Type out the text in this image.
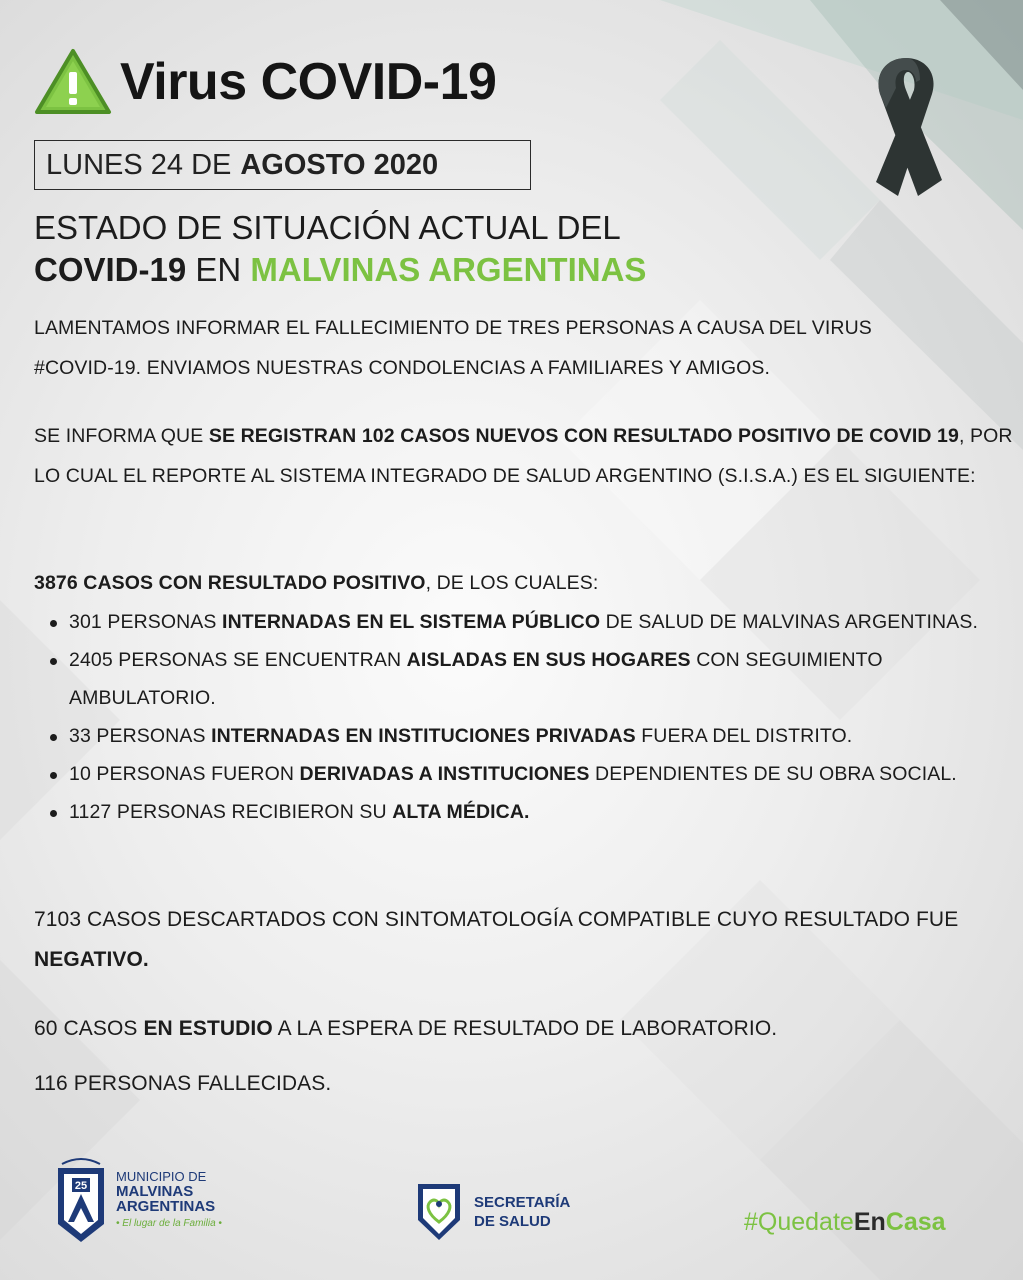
Virus COVID-19
LUNES 24 DE AGOSTO 2020
ESTADO DE SITUACIÓN ACTUAL DEL
COVID-19 EN MALVINAS ARGENTINAS
LAMENTAMOS INFORMAR EL FALLECIMIENTO DE TRES PERSONAS A CAUSA DEL VIRUS
#COVID-19. ENVIAMOS NUESTRAS CONDOLENCIAS A FAMILIARES Y AMIGOS.
SE INFORMA QUE SE REGISTRAN 102 CASOS NUEVOS CON RESULTADO POSITIVO DE COVID 19, POR LO CUAL EL REPORTE AL SISTEMA INTEGRADO DE SALUD ARGENTINO (S.I.S.A.) ES EL SIGUIENTE:
3876 CASOS CON RESULTADO POSITIVO, DE LOS CUALES:
301 PERSONAS INTERNADAS EN EL SISTEMA PÚBLICO DE SALUD DE MALVINAS ARGENTINAS.
2405 PERSONAS SE ENCUENTRAN AISLADAS EN SUS HOGARES CON SEGUIMIENTO AMBULATORIO.
33 PERSONAS INTERNADAS EN INSTITUCIONES PRIVADAS FUERA DEL DISTRITO.
10 PERSONAS FUERON DERIVADAS A INSTITUCIONES DEPENDIENTES DE SU OBRA SOCIAL.
1127 PERSONAS RECIBIERON SU ALTA MÉDICA.
7103 CASOS DESCARTADOS CON SINTOMATOLOGÍA COMPATIBLE CUYO RESULTADO FUE NEGATIVO.
60 CASOS EN ESTUDIO A LA ESPERA DE RESULTADO DE LABORATORIO.
116 PERSONAS FALLECIDAS.
25
MUNICIPIO DE
MALVINAS
ARGENTINAS
• El lugar de la Familia •
SECRETARÍA
DE SALUD	#QuedateEnCasa
